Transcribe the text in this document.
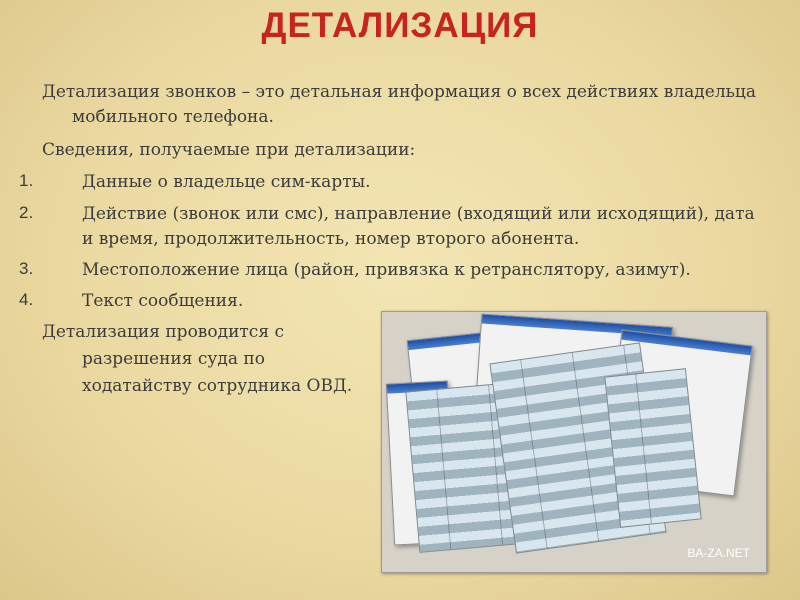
ДЕТАЛИЗАЦИЯ
Детализация звонков – это детальная информация о всех действиях владельца
мобильного телефона.
Сведения, получаемые при детализации:
1.	Данные о владельце сим-карты.
2.	Действие (звонок или смс), направление (входящий или исходящий), дата
и время, продолжительность, номер второго абонента.
3.	Местоположение лица (район, привязка к ретранслятору, азимут).
4.	Текст сообщения.
Детализация проводится с
разрешения суда по
ходатайству сотрудника ОВД.
BA-ZA.NET
